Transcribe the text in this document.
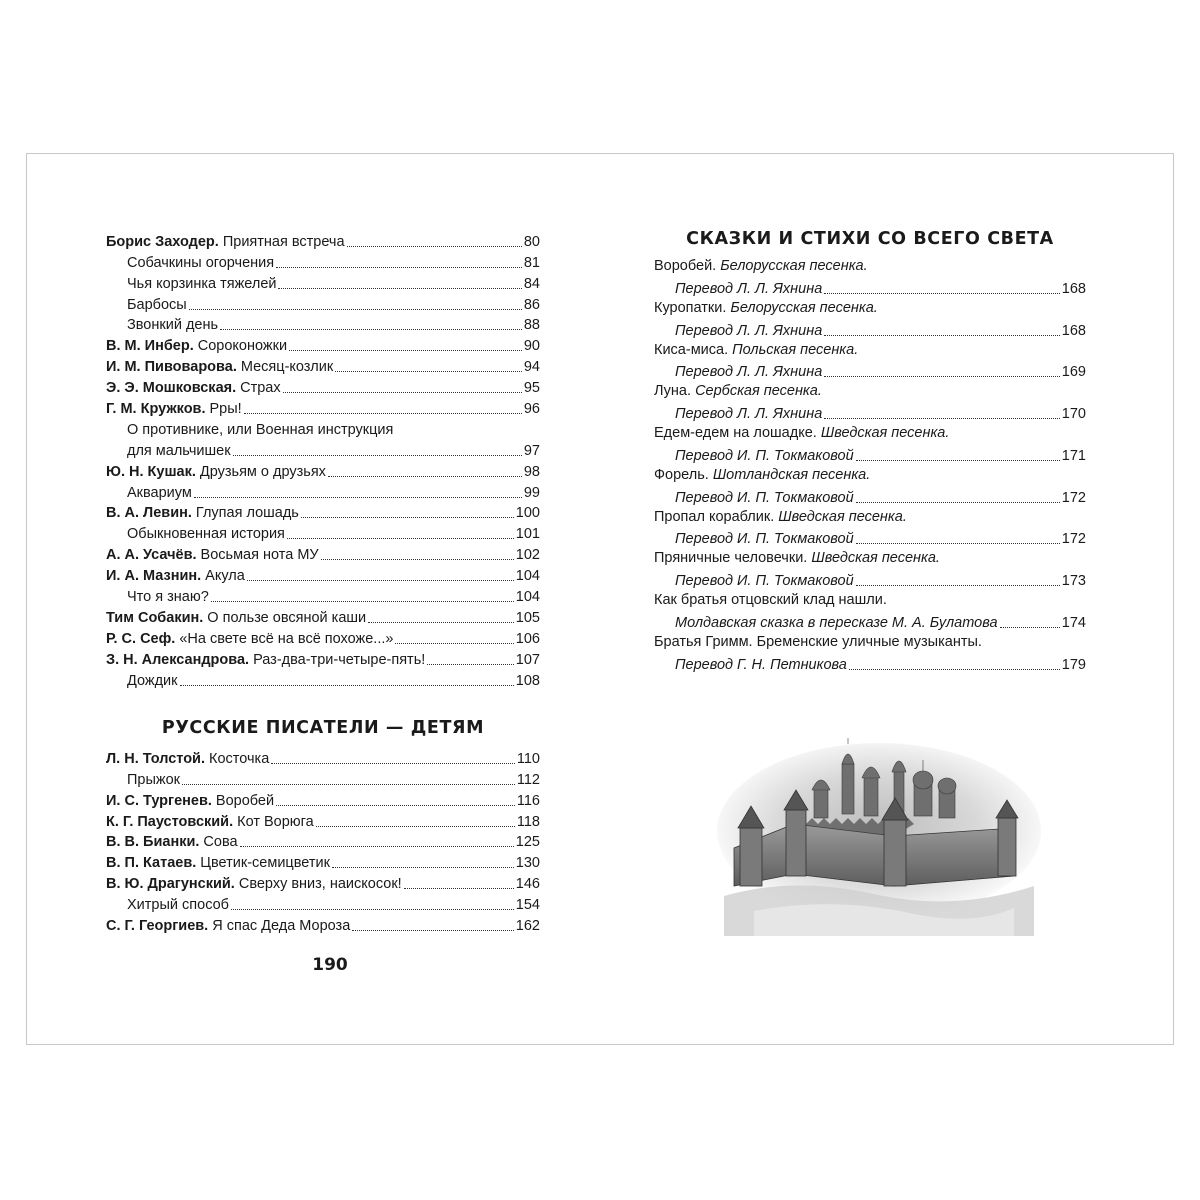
Борис Заходер. Приятная встреча	80
Собачкины огорчения	81
Чья корзинка тяжелей	84
Барбосы	86
Звонкий день	88
В. М. Инбер. Сороконожки	90
И. М. Пивоварова. Месяц-козлик	94
Э. Э. Мошковская. Страх	95
Г. М. Кружков. Рры!	96
О противнике, или Военная инструкция
для мальчишек	97
Ю. Н. Кушак. Друзьям о друзьях	98
Аквариум	99
В. А. Левин. Глупая лошадь	100
Обыкновенная история	101
А. А. Усачёв. Восьмая нота МУ	102
И. А. Мазнин. Акула	104
Что я знаю?	104
Тим Собакин. О пользе овсяной каши	105
Р. С. Сеф. «На свете всё на всё похоже...»	106
З. Н. Александрова. Раз-два-три-четыре-пять!	107
Дождик	108
РУССКИЕ ПИСАТЕЛИ — ДЕТЯМ
Л. Н. Толстой. Косточка	110
Прыжок	112
И. С. Тургенев. Воробей	116
К. Г. Паустовский. Кот Ворюга	118
В. В. Бианки. Сова	125
В. П. Катаев. Цветик-семицветик	130
В. Ю. Драгунский. Сверху вниз, наискосок!	146
Хитрый способ	154
С. Г. Георгиев. Я спас Деда Мороза	162
СКАЗКИ И СТИХИ СО ВСЕГО СВЕТА
Воробей. Белорусская песенка.
Перевод Л. Л. Яхнина	168
Куропатки. Белорусская песенка.
Перевод Л. Л. Яхнина	168
Киса-миса. Польская песенка.
Перевод Л. Л. Яхнина	169
Луна. Сербская песенка.
Перевод Л. Л. Яхнина	170
Едем-едем на лошадке. Шведская песенка.
Перевод И. П. Токмаковой	171
Форель. Шотландская песенка.
Перевод И. П. Токмаковой	172
Пропал кораблик. Шведская песенка.
Перевод И. П. Токмаковой	172
Пряничные человечки. Шведская песенка.
Перевод И. П. Токмаковой	173
Как братья отцовский клад нашли.
Молдавская сказка в пересказе М. А. Булатова	174
Братья Гримм. Бременские уличные музыканты.
Перевод Г. Н. Петникова	179
190
